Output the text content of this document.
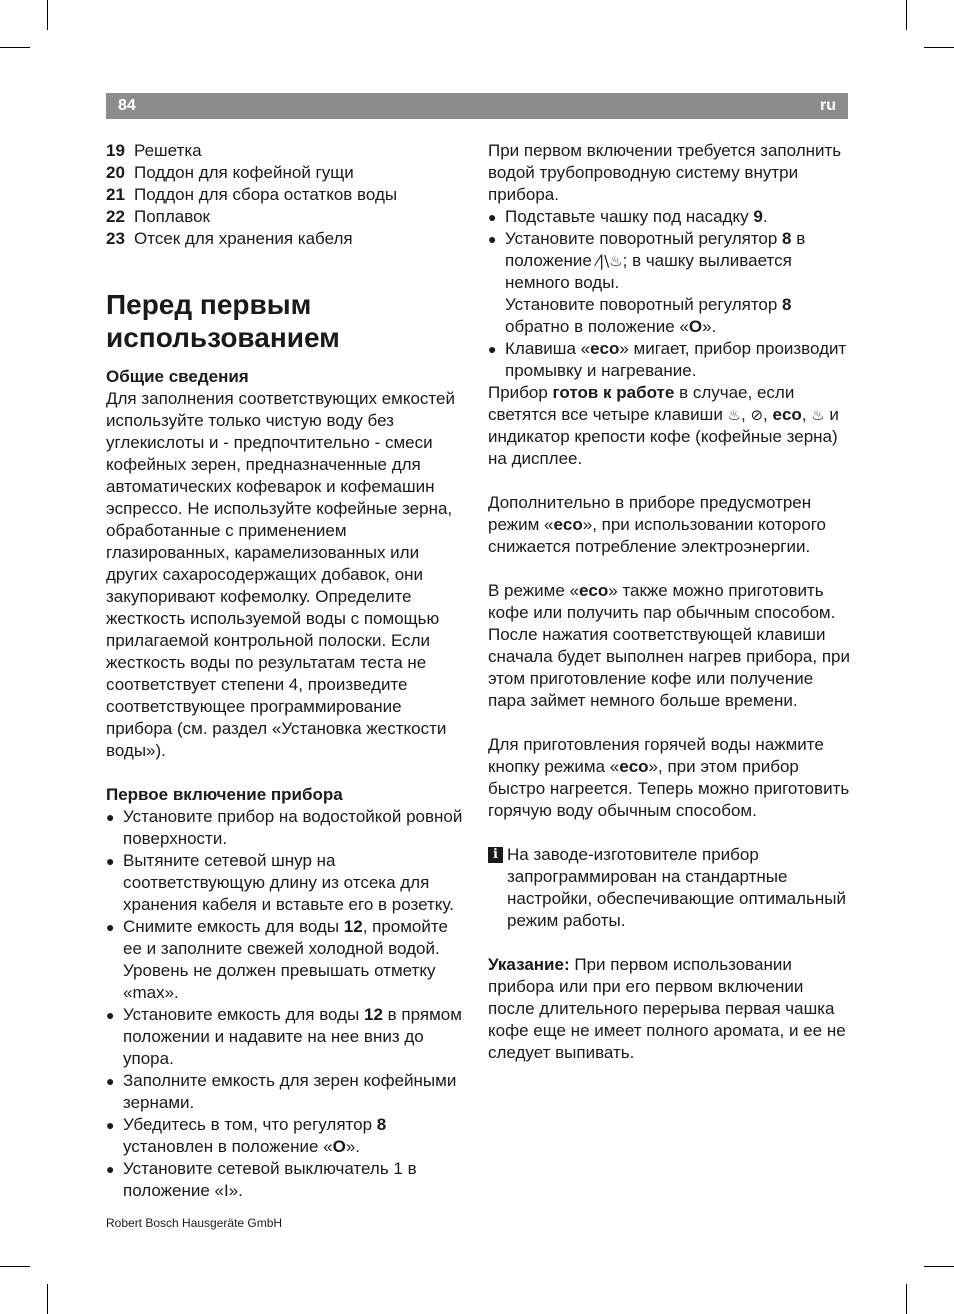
84	ru
19 Решетка
20 Поддон для кофейной гущи
21 Поддон для сбора остатков воды
22 Поплавок
23 Отсек для хранения кабеля
Перед первым использованием
Общие сведения

Для заполнения соответствующих емкостей используйте только чистую воду без углекислоты и - предпочтительно - смеси кофейных зерен, предназначенные для автоматических кофеварок и кофемашин эспрессо. Не используйте кофейные зерна, обработанные с применением глазированных, карамелизованных или других сахаросодержащих добавок, они закупоривают кофемолку. Определите жесткость используемой воды с помощью прилагаемой контрольной полоски. Если жесткость воды по результатам теста не соответствует степени 4, произведите соответствующее программирование прибора (см. раздел «Установка жесткости воды»).

Первое включение прибора
● Установите прибор на водостойкой ровной поверхности.
● Вытяните сетевой шнур на соответствующую длину из отсека для хранения кабеля и вставьте его в розетку.
● Снимите емкость для воды 12, промойте ее и заполните свежей холодной водой. Уровень не должен превышать отметку «max».
● Установите емкость для воды 12 в прямом положении и надавите на нее вниз до упора.
● Заполните емкость для зерен кофейными зернами.
● Убедитесь в том, что регулятор 8 установлен в положение «O».
● Установите сетевой выключатель 1 в положение «I».

При первом включении требуется заполнить водой трубопроводную систему внутри прибора.

● Подставьте чашку под насадку 9.
● Установите поворотный регулятор 8 в положение ⁄|\♨; в чашку выливается немного воды.
Установите поворотный регулятор 8 обратно в положение «O».
● Клавиша «eco» мигает, прибор производит промывку и нагревание.

Прибор готов к работе в случае, если светятся все четыре клавиши ♨, ⊘, eco, ♨ и индикатор крепости кофе (кофейные зерна) на дисплее.

Дополнительно в приборе предусмотрен режим «eco», при использовании которого снижается потребление электроэнергии.

В режиме «eco» также можно приготовить кофе или получить пар обычным способом. После нажатия соответствующей клавиши сначала будет выполнен нагрев прибора, при этом приготовление кофе или получение пара займет немного больше времени.

Для приготовления горячей воды нажмите кнопку режима «eco», при этом прибор быстро нагреется. Теперь можно приготовить горячую воду обычным способом.

i На заводе-изготовителе прибор запрограммирован на стандартные настройки, обеспечивающие оптимальный режим работы.

Указание: При первом использовании прибора или при его первом включении после длительного перерыва первая чашка кофе еще не имеет полного аромата, и ее не следует выпивать.

Robert Bosch Hausgeräte GmbH
